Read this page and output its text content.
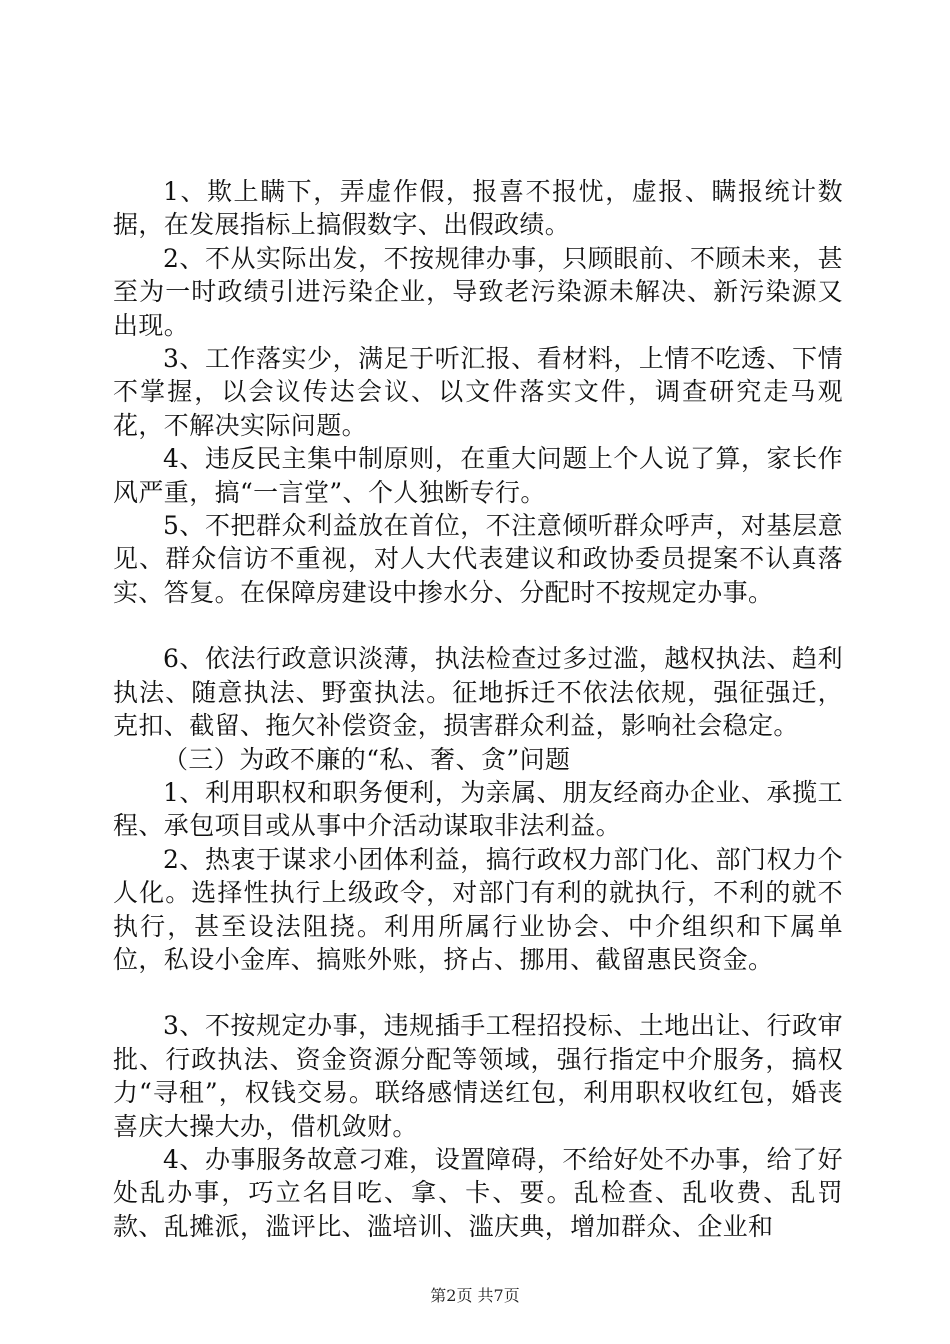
1、欺上瞒下，弄虚作假，报喜不报忧，虚报、瞒报统计数据，在发展指标上搞假数字、出假政绩。

2、不从实际出发，不按规律办事，只顾眼前、不顾未来，甚至为一时政绩引进污染企业，导致老污染源未解决、新污染源又出现。

3、工作落实少，满足于听汇报、看材料，上情不吃透、下情不掌握，以会议传达会议、以文件落实文件，调查研究走马观花，不解决实际问题。

4、违反民主集中制原则，在重大问题上个人说了算，家长作风严重，搞“一言堂”、个人独断专行。

5、不把群众利益放在首位，不注意倾听群众呼声，对基层意见、群众信访不重视，对人大代表建议和政协委员提案不认真落实、答复。在保障房建设中掺水分、分配时不按规定办事。

6、依法行政意识淡薄，执法检查过多过滥，越权执法、趋利执法、随意执法、野蛮执法。征地拆迁不依法依规，强征强迁，克扣、截留、拖欠补偿资金，损害群众利益，影响社会稳定。

（三）为政不廉的“私、奢、贪”问题

1、利用职权和职务便利，为亲属、朋友经商办企业、承揽工程、承包项目或从事中介活动谋取非法利益。

2、热衷于谋求小团体利益，搞行政权力部门化、部门权力个人化。选择性执行上级政令，对部门有利的就执行，不利的就不执行，甚至设法阻挠。利用所属行业协会、中介组织和下属单位，私设小金库、搞账外账，挤占、挪用、截留惠民资金。

3、不按规定办事，违规插手工程招投标、土地出让、行政审批、行政执法、资金资源分配等领域，强行指定中介服务，搞权力“寻租”，权钱交易。联络感情送红包，利用职权收红包，婚丧喜庆大操大办，借机敛财。

4、办事服务故意刁难，设置障碍，不给好处不办事，给了好处乱办事，巧立名目吃、拿、卡、要。乱检查、乱收费、乱罚款、乱摊派，滥评比、滥培训、滥庆典，增加群众、企业和

第2页 共7页
